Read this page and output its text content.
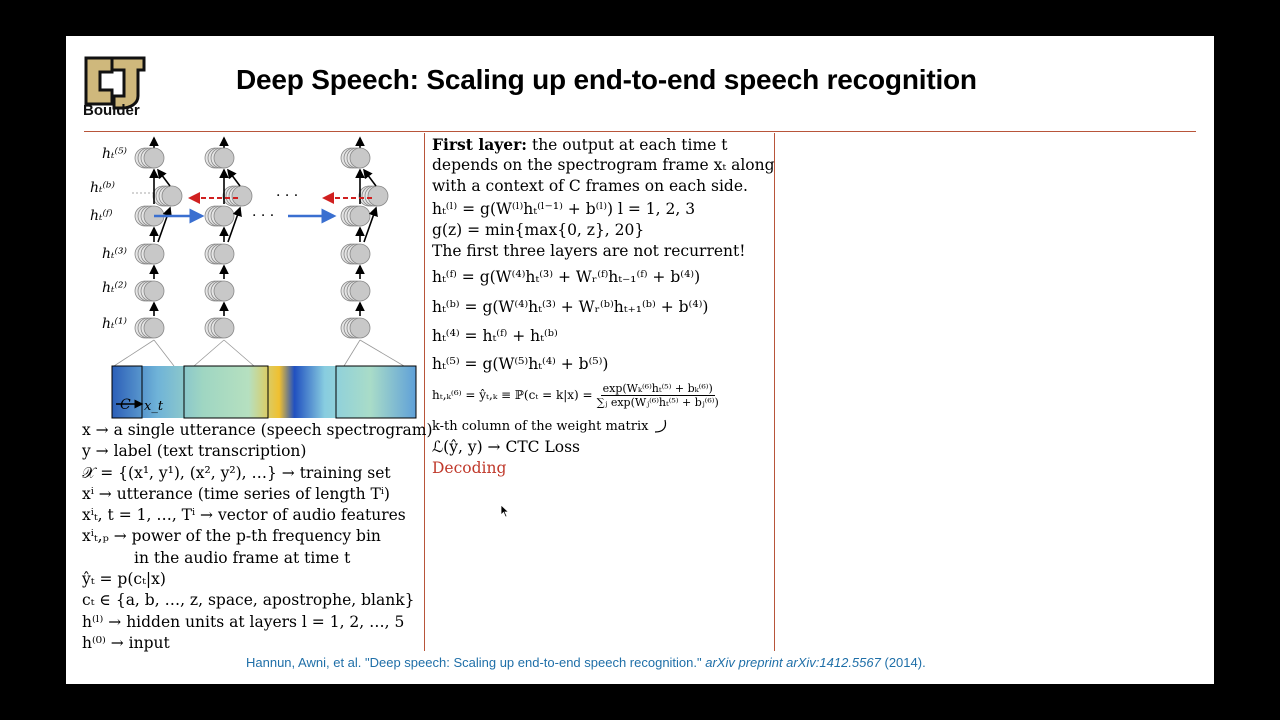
Boulder
Deep Speech: Scaling up end-to-end speech recognition
hₜ⁽⁵⁾
hₜ⁽ᵇ⁾
hₜ⁽ᶠ⁾
hₜ⁽³⁾
hₜ⁽²⁾
hₜ⁽¹⁾
· · ·
· · ·
C x_t
x → a single utterance (speech spectrogram)
y → label (text transcription)
𝒳 = {(x¹, y¹), (x², y²), …} → training set
xⁱ → utterance (time series of length Tⁱ)
xⁱₜ, t = 1, …, Tⁱ → vector of audio features
xⁱₜ,ₚ → power of the p-th frequency bin
in the audio frame at time t
ŷₜ = p(cₜ|x)
cₜ ∈ {a, b, …, z, space, apostrophe, blank}
h⁽ˡ⁾ → hidden units at layers l = 1, 2, …, 5
h⁽⁰⁾ → input
First layer: the output at each time t
depends on the spectrogram frame xₜ along
with a context of C frames on each side.
hₜ⁽ˡ⁾ = g(W⁽ˡ⁾hₜ⁽ˡ⁻¹⁾ + b⁽ˡ⁾) l = 1, 2, 3
g(z) = min{max{0, z}, 20}
The first three layers are not recurrent!
hₜ⁽ᶠ⁾ = g(W⁽⁴⁾hₜ⁽³⁾ + Wᵣ⁽ᶠ⁾hₜ₋₁⁽ᶠ⁾ + b⁽⁴⁾)
hₜ⁽ᵇ⁾ = g(W⁽⁴⁾hₜ⁽³⁾ + Wᵣ⁽ᵇ⁾hₜ₊₁⁽ᵇ⁾ + b⁽⁴⁾)
hₜ⁽⁴⁾ = hₜ⁽ᶠ⁾ + hₜ⁽ᵇ⁾
hₜ⁽⁵⁾ = g(W⁽⁵⁾hₜ⁽⁴⁾ + b⁽⁵⁾)
hₜ,ₖ⁽⁶⁾ = ŷₜ,ₖ ≡ ℙ(cₜ = $k|x) = \frac{\text{exp(Wₖ⁽⁶⁾hₜ⁽⁵⁾ + bₖ⁽⁶⁾)}}{\text{∑ⱼ exp(Wⱼ⁽⁶⁾hₜ⁽⁵⁾ + bⱼ⁽⁶⁾)}}$
k-th column of the weight matrix
ℒ(ŷ, y) → CTC Loss
Decoding
Hannun, Awni, et al. "Deep speech: Scaling up end-to-end speech recognition." arXiv preprint arXiv:1412.5567 (2014).
